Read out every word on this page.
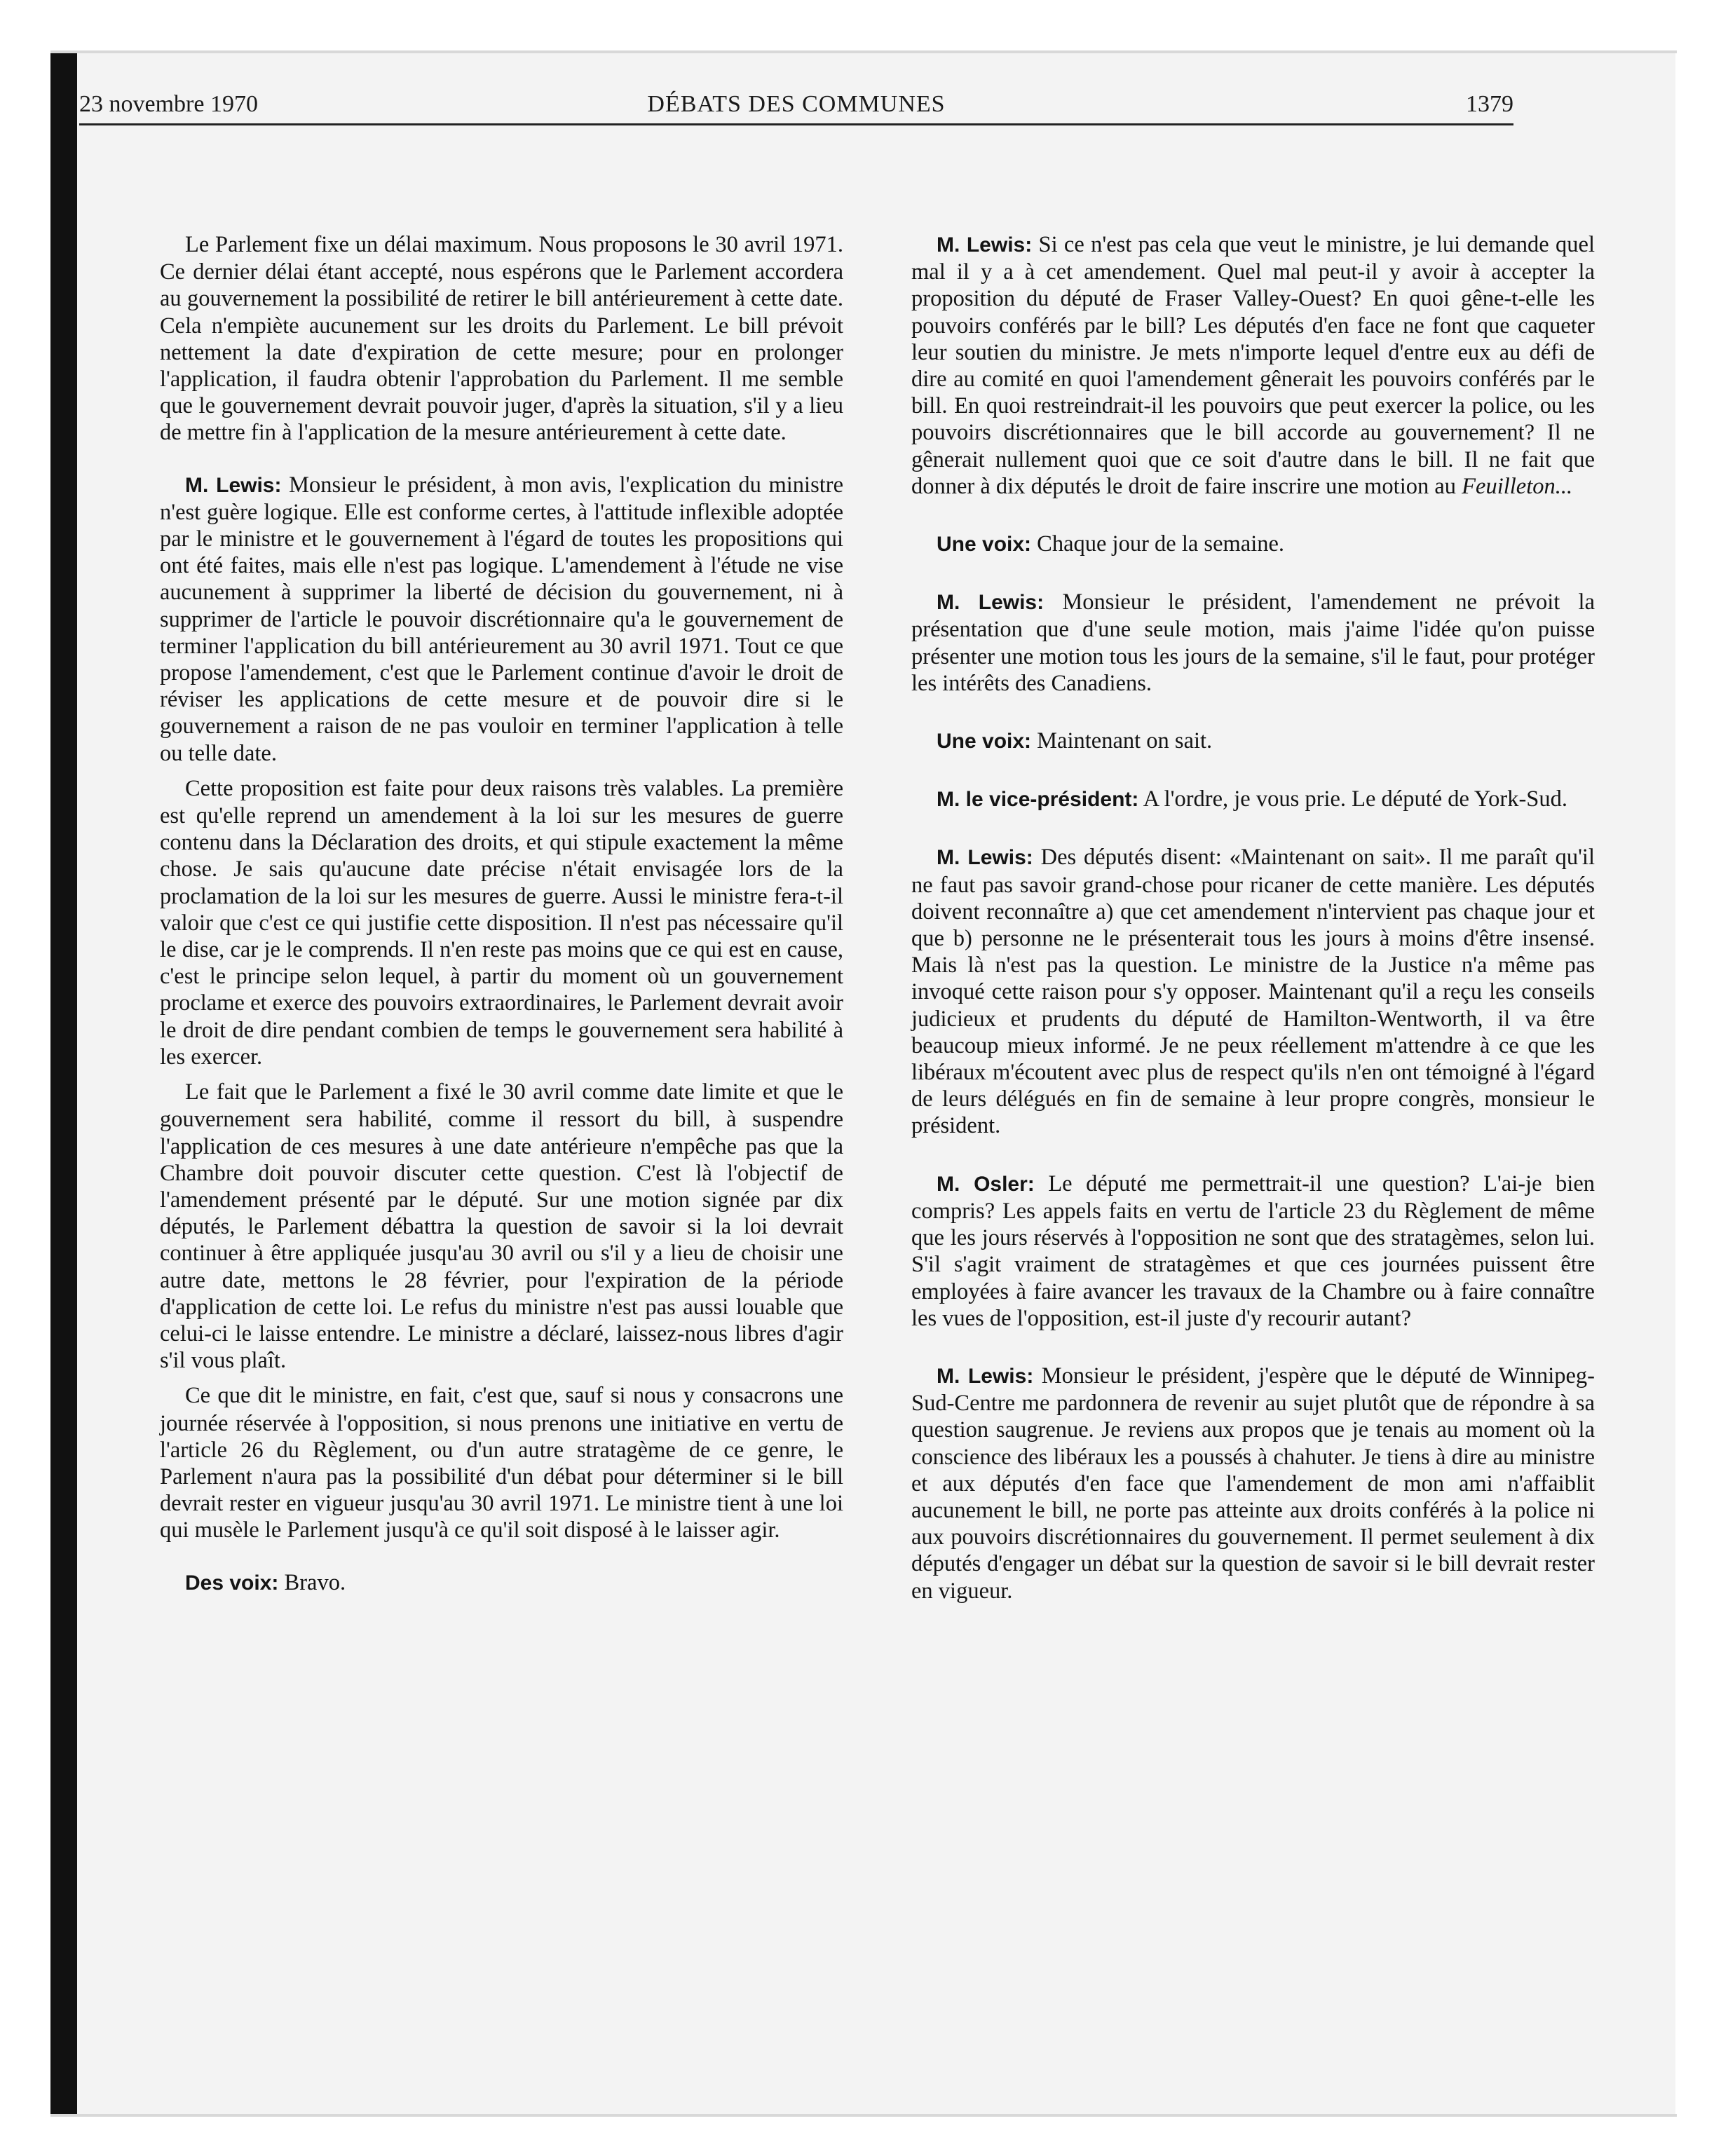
23 novembre 1970	DÉBATS DES COMMUNES	1379

Le Parlement fixe un délai maximum. Nous proposons le 30 avril 1971. Ce dernier délai étant accepté, nous espérons que le Parlement accordera au gouvernement la possibilité de retirer le bill antérieurement à cette date. Cela n'empiète aucunement sur les droits du Parlement. Le bill prévoit nettement la date d'expiration de cette mesure; pour en prolonger l'application, il faudra obtenir l'approbation du Parlement. Il me semble que le gouvernement devrait pouvoir juger, d'après la situation, s'il y a lieu de mettre fin à l'application de la mesure antérieurement à cette date.

M. Lewis: Monsieur le président, à mon avis, l'explication du ministre n'est guère logique. Elle est conforme certes, à l'attitude inflexible adoptée par le ministre et le gouvernement à l'égard de toutes les propositions qui ont été faites, mais elle n'est pas logique. L'amendement à l'étude ne vise aucunement à supprimer la liberté de décision du gouvernement, ni à supprimer de l'article le pouvoir discrétionnaire qu'a le gouvernement de terminer l'application du bill antérieurement au 30 avril 1971. Tout ce que propose l'amendement, c'est que le Parlement continue d'avoir le droit de réviser les applications de cette mesure et de pouvoir dire si le gouvernement a raison de ne pas vouloir en terminer l'application à telle ou telle date.

Cette proposition est faite pour deux raisons très valables. La première est qu'elle reprend un amendement à la loi sur les mesures de guerre contenu dans la Déclaration des droits, et qui stipule exactement la même chose. Je sais qu'aucune date précise n'était envisagée lors de la proclamation de la loi sur les mesures de guerre. Aussi le ministre fera-t-il valoir que c'est ce qui justifie cette disposition. Il n'est pas nécessaire qu'il le dise, car je le comprends. Il n'en reste pas moins que ce qui est en cause, c'est le principe selon lequel, à partir du moment où un gouvernement proclame et exerce des pouvoirs extraordinaires, le Parlement devrait avoir le droit de dire pendant combien de temps le gouvernement sera habilité à les exercer.

Le fait que le Parlement a fixé le 30 avril comme date limite et que le gouvernement sera habilité, comme il ressort du bill, à suspendre l'application de ces mesures à une date antérieure n'empêche pas que la Chambre doit pouvoir discuter cette question. C'est là l'objectif de l'amendement présenté par le député. Sur une motion signée par dix députés, le Parlement débattra la question de savoir si la loi devrait continuer à être appliquée jusqu'au 30 avril ou s'il y a lieu de choisir une autre date, mettons le 28 février, pour l'expiration de la période d'application de cette loi. Le refus du ministre n'est pas aussi louable que celui-ci le laisse entendre. Le ministre a déclaré, laissez-nous libres d'agir s'il vous plaît.

Ce que dit le ministre, en fait, c'est que, sauf si nous y consacrons une journée réservée à l'opposition, si nous prenons une initiative en vertu de l'article 26 du Règlement, ou d'un autre stratagème de ce genre, le Parlement n'aura pas la possibilité d'un débat pour déterminer si le bill devrait rester en vigueur jusqu'au 30 avril 1971. Le ministre tient à une loi qui musèle le Parlement jusqu'à ce qu'il soit disposé à le laisser agir.

Des voix: Bravo.

M. Lewis: Si ce n'est pas cela que veut le ministre, je lui demande quel mal il y a à cet amendement. Quel mal peut-il y avoir à accepter la proposition du député de Fraser Valley-Ouest? En quoi gêne-t-elle les pouvoirs conférés par le bill? Les députés d'en face ne font que caqueter leur soutien du ministre. Je mets n'importe lequel d'entre eux au défi de dire au comité en quoi l'amendement gênerait les pouvoirs conférés par le bill. En quoi restreindrait-il les pouvoirs que peut exercer la police, ou les pouvoirs discrétionnaires que le bill accorde au gouvernement? Il ne gênerait nullement quoi que ce soit d'autre dans le bill. Il ne fait que donner à dix députés le droit de faire inscrire une motion au Feuilleton...

Une voix: Chaque jour de la semaine.

M. Lewis: Monsieur le président, l'amendement ne prévoit la présentation que d'une seule motion, mais j'aime l'idée qu'on puisse présenter une motion tous les jours de la semaine, s'il le faut, pour protéger les intérêts des Canadiens.

Une voix: Maintenant on sait.

M. le vice-président: A l'ordre, je vous prie. Le député de York-Sud.

M. Lewis: Des députés disent: «Maintenant on sait». Il me paraît qu'il ne faut pas savoir grand-chose pour ricaner de cette manière. Les députés doivent reconnaître a) que cet amendement n'intervient pas chaque jour et que b) personne ne le présenterait tous les jours à moins d'être insensé. Mais là n'est pas la question. Le ministre de la Justice n'a même pas invoqué cette raison pour s'y opposer. Maintenant qu'il a reçu les conseils judicieux et prudents du député de Hamilton-Wentworth, il va être beaucoup mieux informé. Je ne peux réellement m'attendre à ce que les libéraux m'écoutent avec plus de respect qu'ils n'en ont témoigné à l'égard de leurs délégués en fin de semaine à leur propre congrès, monsieur le président.

M. Osler: Le député me permettrait-il une question? L'ai-je bien compris? Les appels faits en vertu de l'article 23 du Règlement de même que les jours réservés à l'opposition ne sont que des stratagèmes, selon lui. S'il s'agit vraiment de stratagèmes et que ces journées puissent être employées à faire avancer les travaux de la Chambre ou à faire connaître les vues de l'opposition, est-il juste d'y recourir autant?

M. Lewis: Monsieur le président, j'espère que le député de Winnipeg-Sud-Centre me pardonnera de revenir au sujet plutôt que de répondre à sa question saugrenue. Je reviens aux propos que je tenais au moment où la conscience des libéraux les a poussés à chahuter. Je tiens à dire au ministre et aux députés d'en face que l'amendement de mon ami n'affaiblit aucunement le bill, ne porte pas atteinte aux droits conférés à la police ni aux pouvoirs discrétionnaires du gouvernement. Il permet seulement à dix députés d'engager un débat sur la question de savoir si le bill devrait rester en vigueur.
